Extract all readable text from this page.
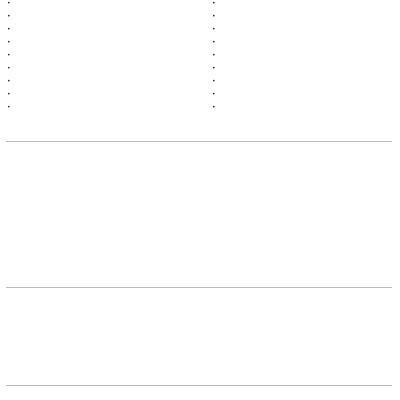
•
•
•
•
•
•
•
•
•
•
•
•
•
•
•
•
•
•
